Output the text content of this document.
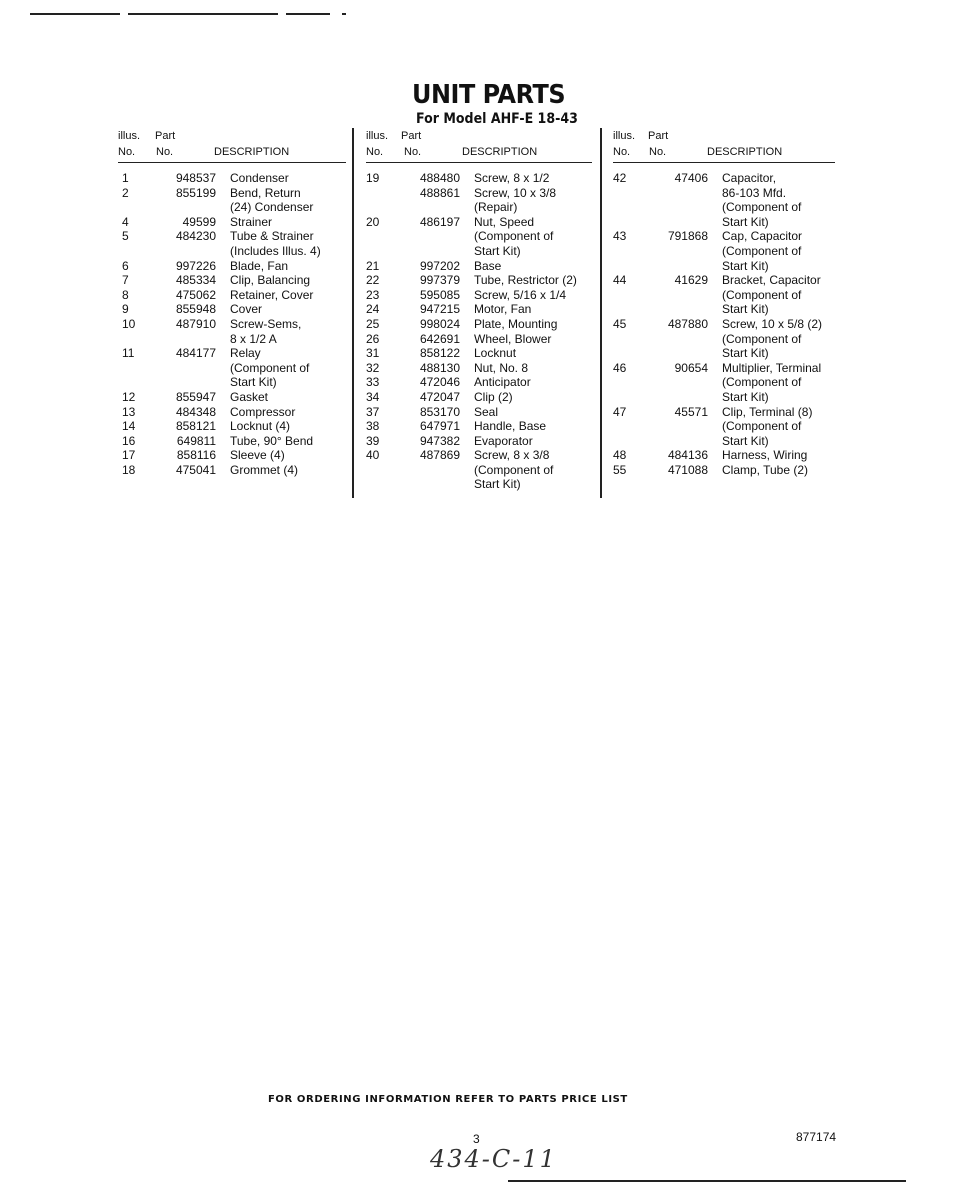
UNIT PARTS
For Model AHF-E 18-43
illus. Part
No. No.	DESCRIPTION
1	948537 Condenser
2	855199 Bend, Return
(24) Condenser
4	49599 Strainer
5	484230 Tube & Strainer
(Includes Illus. 4)
6	997226 Blade, Fan
7	485334 Clip, Balancing
8	475062 Retainer, Cover
9	855948 Cover
10	487910 Screw-Sems,
8 x 1/2 A
11	484177 Relay
(Component of
Start Kit)
12	855947 Gasket
13	484348 Compressor
14	858121 Locknut (4)
16	649811 Tube, 90° Bend
17	858116 Sleeve (4)
18	475041 Grommet (4)
illus. Part
No. No.	DESCRIPTION
19	488480 Screw, 8 x 1/2
488861 Screw, 10 x 3/8
(Repair)
20	486197 Nut, Speed
(Component of
Start Kit)
21	997202 Base
22	997379 Tube, Restrictor (2)
23	595085 Screw, 5/16 x 1/4
24	947215 Motor, Fan
25	998024 Plate, Mounting
26	642691 Wheel, Blower
31	858122 Locknut
32	488130 Nut, No. 8
33	472046 Anticipator
34	472047 Clip (2)
37	853170 Seal
38	647971 Handle, Base
39	947382 Evaporator
40	487869 Screw, 8 x 3/8
(Component of
Start Kit)
illus. Part
No. No.	DESCRIPTION
42	47406 Capacitor,
86-103 Mfd.
(Component of
Start Kit)
43	791868 Cap, Capacitor
(Component of
Start Kit)
44	41629 Bracket, Capacitor
(Component of
Start Kit)
45	487880 Screw, 10 x 5/8 (2)
(Component of
Start Kit)
46	90654 Multiplier, Terminal
(Component of
Start Kit)
47	45571 Clip, Terminal (8)
(Component of
Start Kit)
48	484136 Harness, Wiring
55	471088 Clamp, Tube (2)
FOR ORDERING INFORMATION REFER TO PARTS PRICE LIST
3	877174
434-C-11
